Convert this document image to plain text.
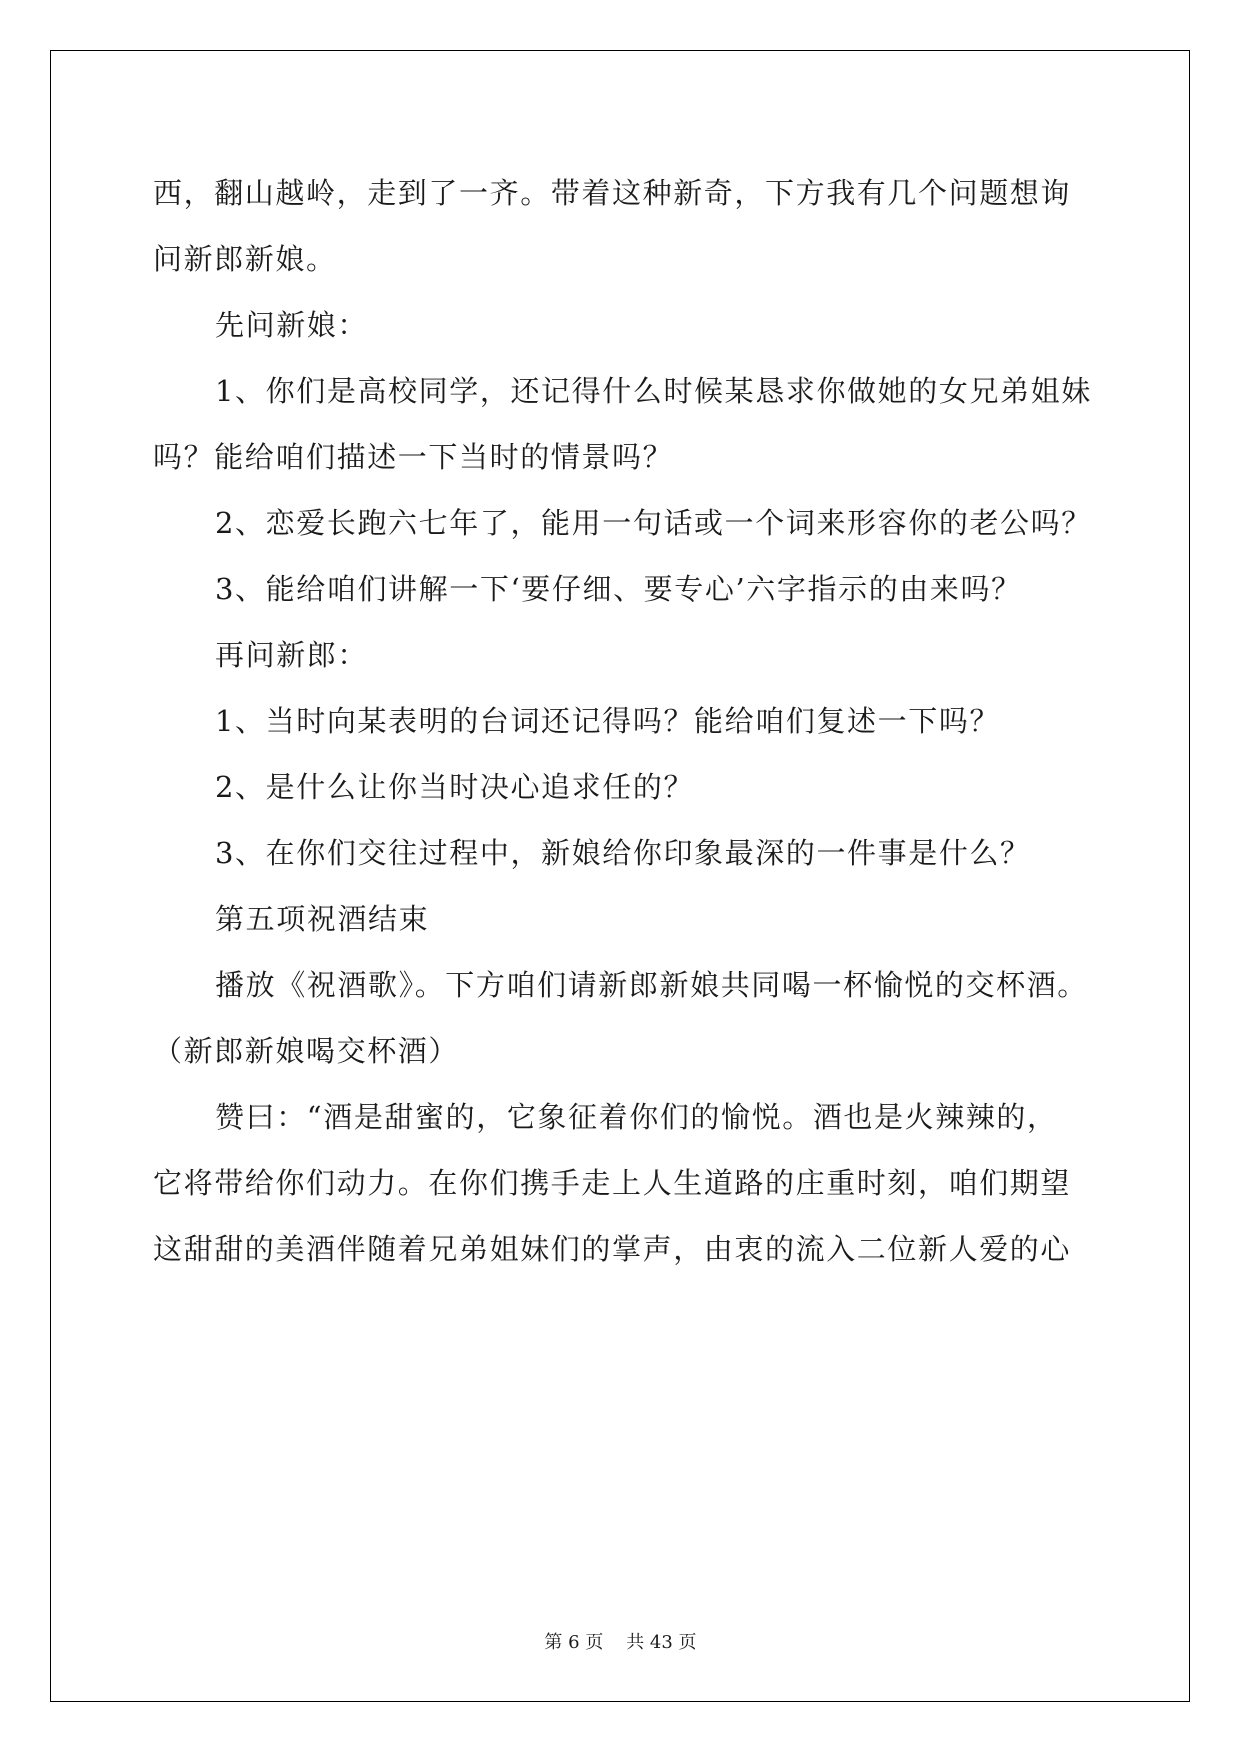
西，翻山越岭，走到了一齐。带着这种新奇，下方我有几个问题想询
问新郎新娘。
先问新娘：
1、你们是高校同学，还记得什么时候某恳求你做她的女兄弟姐妹
吗？能给咱们描述一下当时的情景吗？
2、恋爱长跑六七年了，能用一句话或一个词来形容你的老公吗？
3、能给咱们讲解一下‘要仔细、要专心’六字指示的由来吗？
再问新郎：
1、当时向某表明的台词还记得吗？能给咱们复述一下吗？
2、是什么让你当时决心追求任的？
3、在你们交往过程中，新娘给你印象最深的一件事是什么？
第五项祝酒结束
播放《祝酒歌》。下方咱们请新郎新娘共同喝一杯愉悦的交杯酒。
（新郎新娘喝交杯酒）
赞曰：“酒是甜蜜的，它象征着你们的愉悦。酒也是火辣辣的，
它将带给你们动力。在你们携手走上人生道路的庄重时刻，咱们期望
这甜甜的美酒伴随着兄弟姐妹们的掌声，由衷的流入二位新人爱的心
第 6 页    共 43 页
